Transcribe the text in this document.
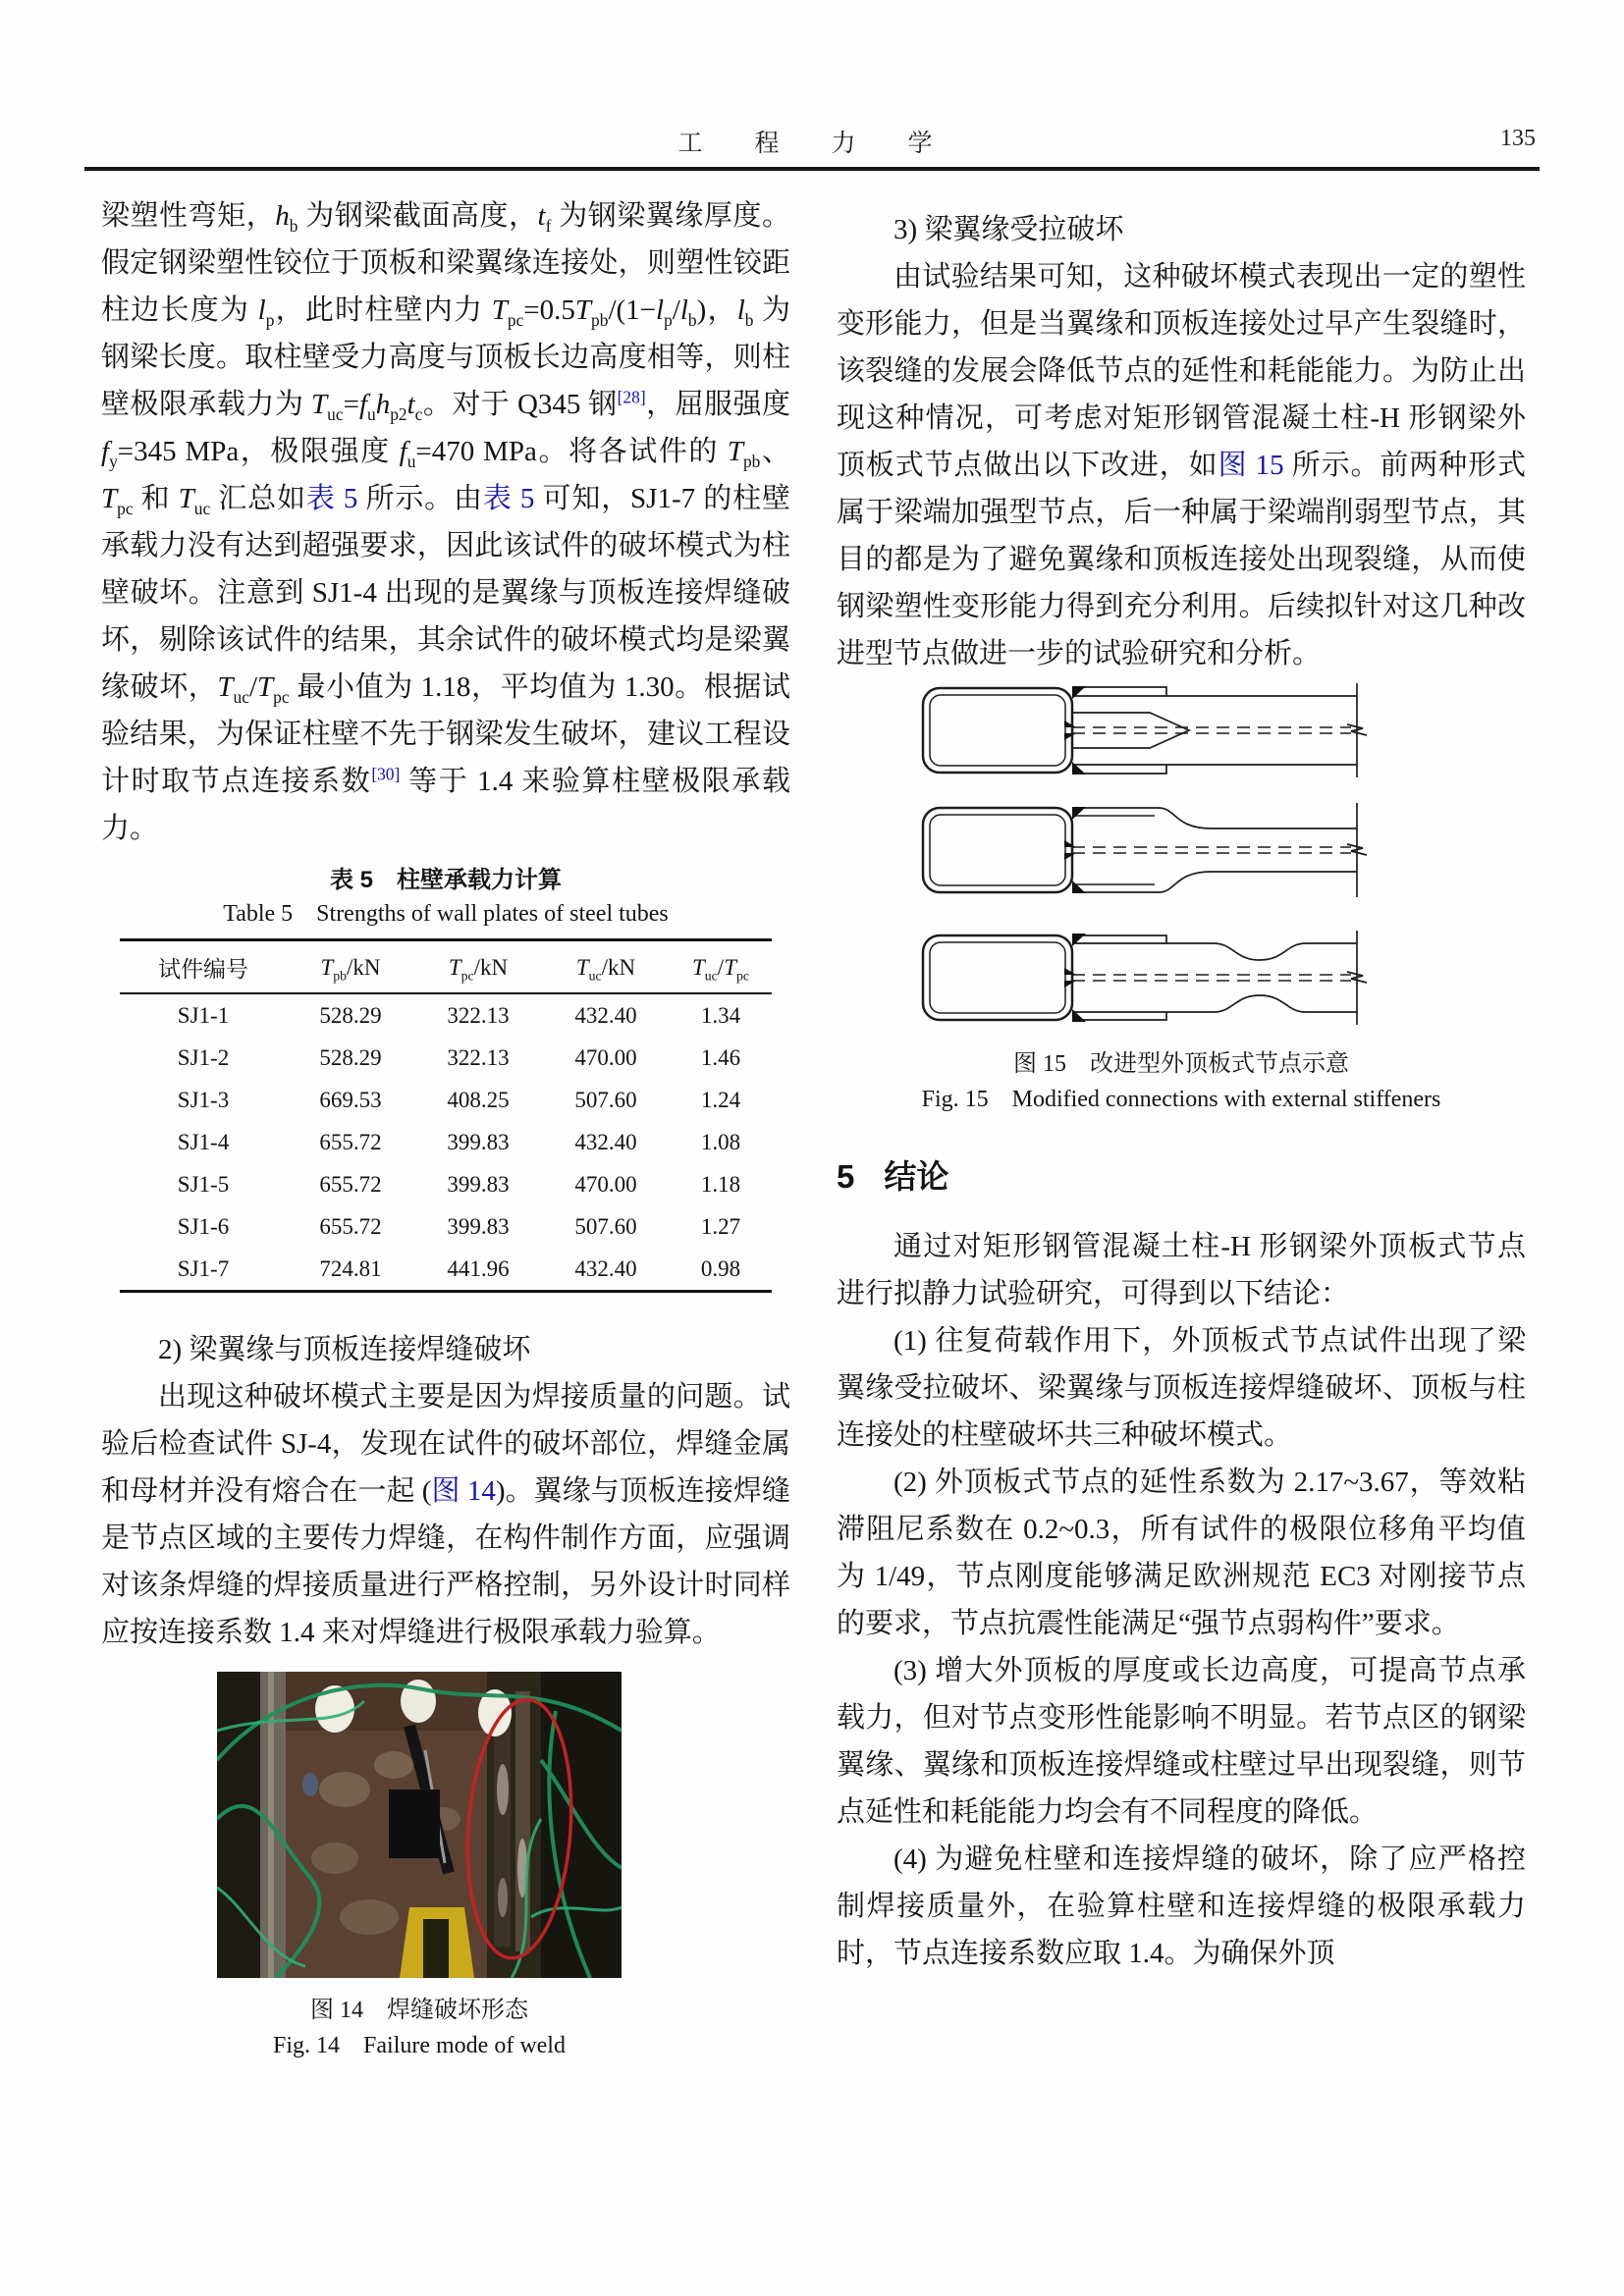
工　程　力　学	135

梁塑性弯矩，$h_b$ 为钢梁截面高度，$t_f$ 为钢梁翼缘厚度。假定钢梁塑性铰位于顶板和梁翼缘连接处，则塑性铰距柱边长度为 $l_p$，此时柱壁内力 $T_{pc}=0.5T_{pb}/(1-l_p/l_b)$，$l_b$ 为钢梁长度。取柱壁受力高度与顶板长边高度相等，则柱壁极限承载力为 $T_{uc}=f_uh_{p2}t_c$。对于 Q345 钢[28]，屈服强度 $f_y=345$ MPa，极限强度 $f_u=470$ MPa。将各试件的 $T_{pb}$、$T_{pc}$ 和 $T_{uc}$ 汇总如表 5 所示。由表 5 可知，SJ1-7 的柱壁承载力没有达到超强要求，因此该试件的破坏模式为柱壁破坏。注意到 SJ1-4 出现的是翼缘与顶板连接焊缝破坏，剔除该试件的结果，其余试件的破坏模式均是梁翼缘破坏，$T_{uc}/T_{pc}$ 最小值为 1.18，平均值为 1.30。根据试验结果，为保证柱壁不先于钢梁发生破坏，建议工程设计时取节点连接系数[30] 等于 1.4 来验算柱壁极限承载力。

表 5　柱壁承载力计算

Table 5　Strengths of wall plates of steel tubes

试件编号	$T_{pb}/kN$	$T_{pc}/kN$	$T_{uc}/kN$	$T_{uc}/T_{pc}$
SJ1-1	528.29	322.13	432.40	1.34
SJ1-2	528.29	322.13	470.00	1.46
SJ1-3	669.53	408.25	507.60	1.24
SJ1-4	655.72	399.83	432.40	1.08
SJ1-5	655.72	399.83	470.00	1.18
SJ1-6	655.72	399.83	507.60	1.27
SJ1-7	724.81	441.96	432.40	0.98

2) 梁翼缘与顶板连接焊缝破坏

出现这种破坏模式主要是因为焊接质量的问题。试验后检查试件 SJ-4，发现在试件的破坏部位，焊缝金属和母材并没有熔合在一起 (图 14)。翼缘与顶板连接焊缝是节点区域的主要传力焊缝，在构件制作方面，应强调对该条焊缝的焊接质量进行严格控制，另外设计时同样应按连接系数 1.4 来对焊缝进行极限承载力验算。

图 14　焊缝破坏形态

Fig. 14　Failure mode of weld

3) 梁翼缘受拉破坏

由试验结果可知，这种破坏模式表现出一定的塑性变形能力，但是当翼缘和顶板连接处过早产生裂缝时，该裂缝的发展会降低节点的延性和耗能能力。为防止出现这种情况，可考虑对矩形钢管混凝土柱-H 形钢梁外顶板式节点做出以下改进，如图 15 所示。前两种形式属于梁端加强型节点，后一种属于梁端削弱型节点，其目的都是为了避免翼缘和顶板连接处出现裂缝，从而使钢梁塑性变形能力得到充分利用。后续拟针对这几种改进型节点做进一步的试验研究和分析。

图 15　改进型外顶板式节点示意

Fig. 15　Modified connections with external stiffeners

5 结论

通过对矩形钢管混凝土柱-H 形钢梁外顶板式节点进行拟静力试验研究，可得到以下结论：

(1) 往复荷载作用下，外顶板式节点试件出现了梁翼缘受拉破坏、梁翼缘与顶板连接焊缝破坏、顶板与柱连接处的柱壁破坏共三种破坏模式。

(2) 外顶板式节点的延性系数为 2.17~3.67，等效粘滞阻尼系数在 0.2~0.3，所有试件的极限位移角平均值为 1/49，节点刚度能够满足欧洲规范 EC3 对刚接节点的要求，节点抗震性能满足“强节点弱构件”要求。

(3) 增大外顶板的厚度或长边高度，可提高节点承载力，但对节点变形性能影响不明显。若节点区的钢梁翼缘、翼缘和顶板连接焊缝或柱壁过早出现裂缝，则节点延性和耗能能力均会有不同程度的降低。

(4) 为避免柱壁和连接焊缝的破坏，除了应严格控制焊接质量外，在验算柱壁和连接焊缝的极限承载力时，节点连接系数应取 1.4。为确保外顶
